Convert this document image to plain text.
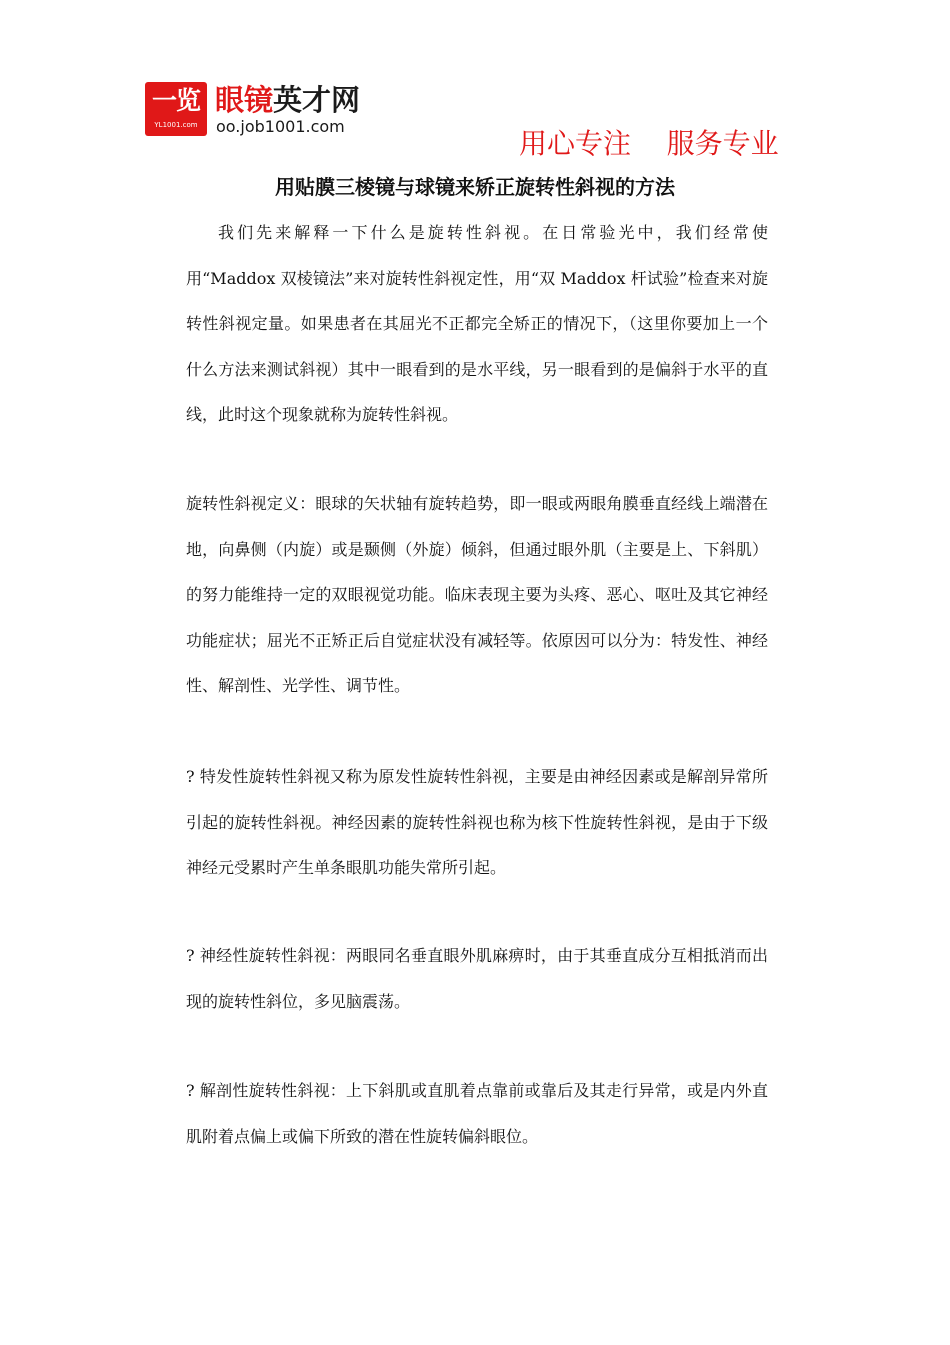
一览
YL1001.com
眼镜英才网
oo.job1001.com
用心专注    服务专业
用贴膜三棱镜与球镜来矫正旋转性斜视的方法

我们先来解释一下什么是旋转性斜视。在日常验光中，我们经常使用“Maddox 双棱镜法”来对旋转性斜视定性，用“双 Maddox 杆试验”检查来对旋转性斜视定量。如果患者在其屈光不正都完全矫正的情况下，（这里你要加上一个什么方法来测试斜视）其中一眼看到的是水平线，另一眼看到的是偏斜于水平的直线，此时这个现象就称为旋转性斜视。

旋转性斜视定义：眼球的矢状轴有旋转趋势，即一眼或两眼角膜垂直经线上端潜在地，向鼻侧（内旋）或是颞侧（外旋）倾斜，但通过眼外肌（主要是上、下斜肌）的努力能维持一定的双眼视觉功能。临床表现主要为头疼、恶心、呕吐及其它神经功能症状；屈光不正矫正后自觉症状没有减轻等。依原因可以分为：特发性、神经性、解剖性、光学性、调节性。

? 特发性旋转性斜视又称为原发性旋转性斜视，主要是由神经因素或是解剖异常所引起的旋转性斜视。神经因素的旋转性斜视也称为核下性旋转性斜视，是由于下级神经元受累时产生单条眼肌功能失常所引起。

? 神经性旋转性斜视：两眼同名垂直眼外肌麻痹时，由于其垂直成分互相抵消而出现的旋转性斜位，多见脑震荡。

? 解剖性旋转性斜视：上下斜肌或直肌着点靠前或靠后及其走行异常，或是内外直肌附着点偏上或偏下所致的潜在性旋转偏斜眼位。
